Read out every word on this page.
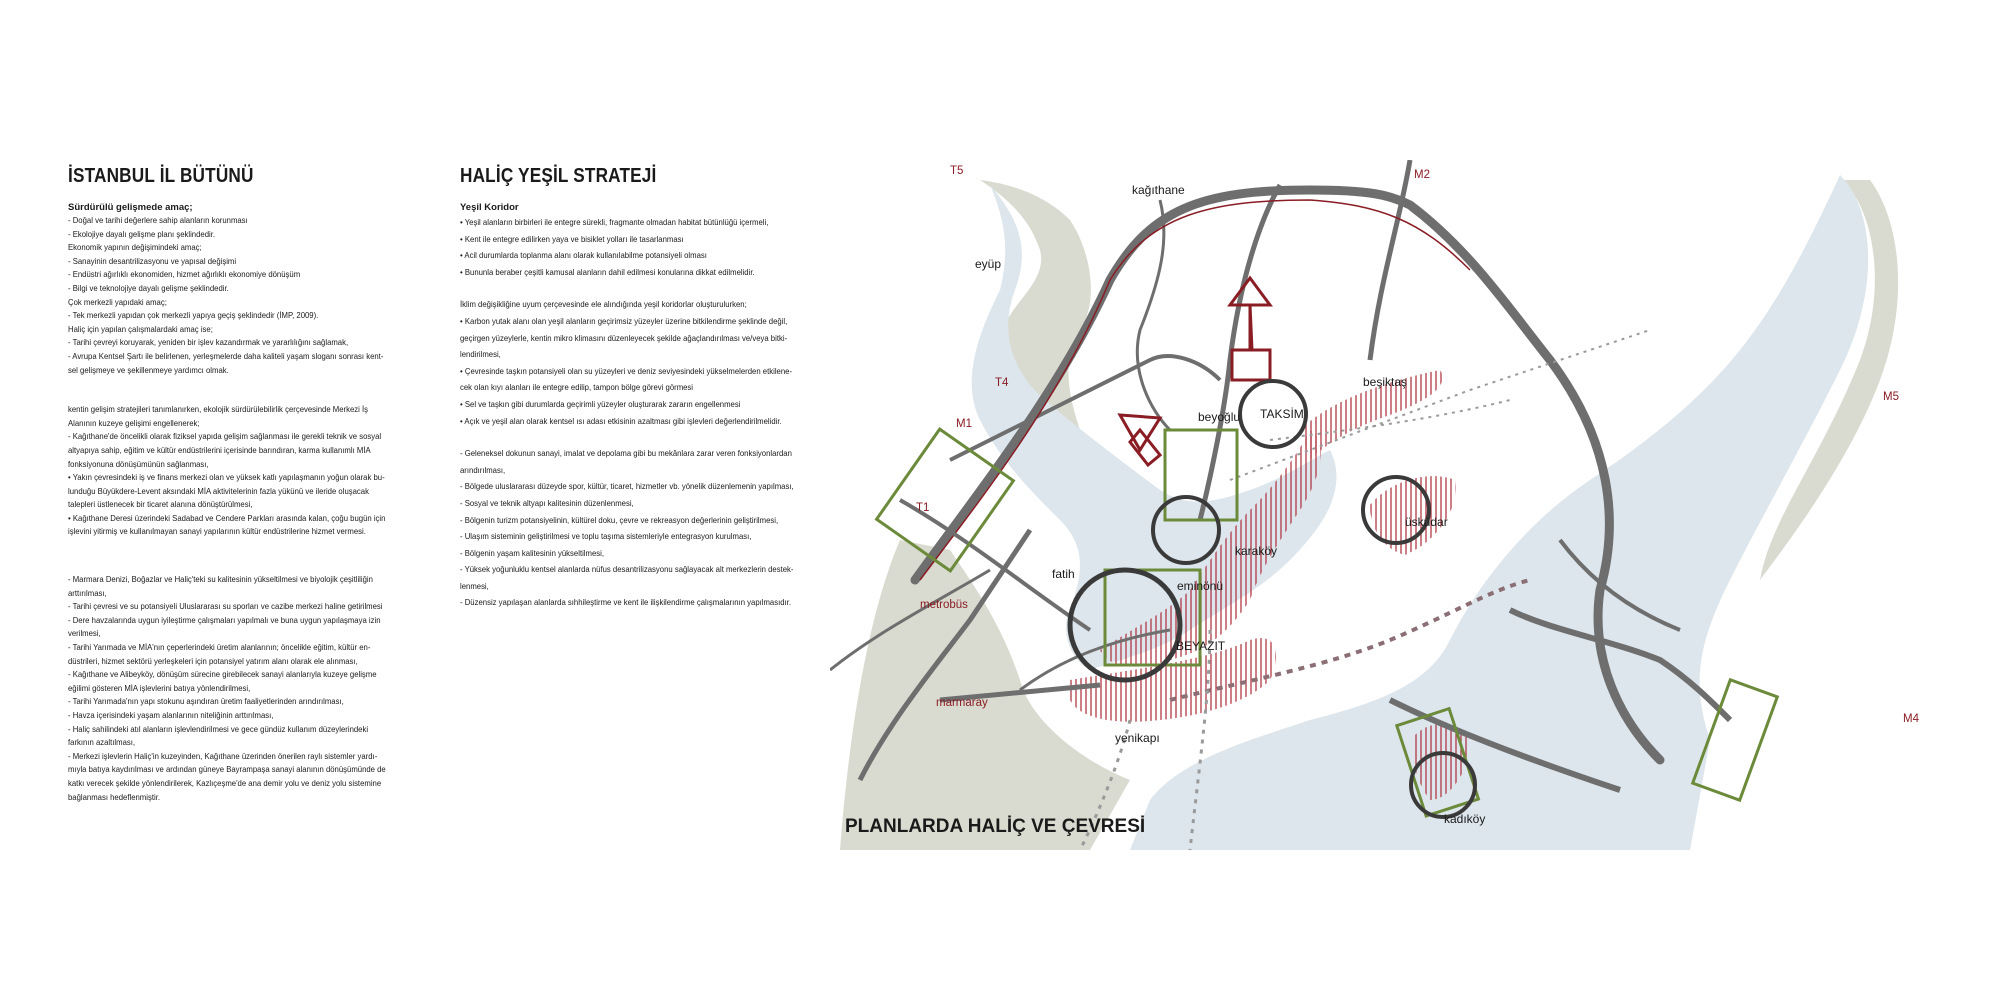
İSTANBUL İL BÜTÜNÜ
Sürdürülü gelişmede amaç;
- Doğal ve tarihi değerlere sahip alanların korunması
- Ekolojiye dayalı gelişme planı şeklindedir.
Ekonomik yapının değişimindeki amaç;
- Sanayinin desantrilizasyonu ve yapısal değişimi
- Endüstri ağırlıklı ekonomiden, hizmet ağırlıklı ekonomiye dönüşüm
- Bilgi ve teknolojiye dayalı gelişme şeklindedir.
Çok merkezli yapıdaki amaç;
- Tek merkezli yapıdan çok merkezli yapıya geçiş şeklindedir (İMP, 2009).
Haliç için yapılan çalışmalardaki amaç ise;
- Tarihi çevreyi koruyarak, yeniden bir işlev kazandırmak ve yararlılığını sağlamak,
- Avrupa Kentsel Şartı ile belirlenen, yerleşmelerde daha kaliteli yaşam sloganı sonrası kent-
sel gelişmeye ve şekillenmeye yardımcı olmak.
kentin gelişim stratejileri tanımlanırken, ekolojik sürdürülebilirlik çerçevesinde Merkezi İş
Alanının kuzeye gelişimi engellenerek;
- Kağıthane'de öncelikli olarak fiziksel yapıda gelişim sağlanması ile gerekli teknik ve sosyal
altyapıya sahip, eğitim ve kültür endüstrilerini içerisinde barındıran, karma kullanımlı MİA
fonksiyonuna dönüşümünün sağlanması,
• Yakın çevresindeki iş ve finans merkezi olan ve yüksek katlı yapılaşmanın yoğun olarak bu-
lunduğu Büyükdere-Levent aksındaki MİA aktivitelerinin fazla yükünü ve ileride oluşacak
talepleri üstlenecek bir ticaret alanına dönüştürülmesi,
• Kağıthane Deresi üzerindeki Sadabad ve Cendere Parkları arasında kalan, çoğu bugün için
işlevini yitirmiş ve kullanılmayan sanayi yapılarının kültür endüstrilerine hizmet vermesi.
- Marmara Denizi, Boğazlar ve Haliç'teki su kalitesinin yükseltilmesi ve biyolojik çeşitliliğin
arttırılması,
- Tarihi çevresi ve su potansiyeli Uluslararası su sporları ve cazibe merkezi haline getirilmesi
- Dere havzalarında uygun iyileştirme çalışmaları yapılmalı ve buna uygun yapılaşmaya izin
verilmesi,
- Tarihi Yarımada ve MİA'nın çeperlerindeki üretim alanlarının; öncelikle eğitim, kültür en-
düstrileri, hizmet sektörü yerleşkeleri için potansiyel yatırım alanı olarak ele alınması,
- Kağıthane ve Alibeyköy, dönüşüm sürecine girebilecek sanayi alanlarıyla kuzeye gelişme
eğilimi gösteren MİA işlevlerini batıya yönlendirilmesi,
- Tarihi Yarımada'nın yapı stokunu aşındıran üretim faaliyetlerinden arındırılması,
- Havza içerisindeki yaşam alanlarının niteliğinin arttırılması,
- Haliç sahilindeki atıl alanların işlevlendirilmesi ve gece gündüz kullanım düzeylerindeki
farkının azaltılması,
- Merkezi işlevlerin Haliç'in kuzeyinden, Kağıthane üzerinden önerilen raylı sistemler yardı-
mıyla batıya kaydırılması ve ardından güneye Bayrampaşa sanayi alanının dönüşümünde de
katkı verecek şekilde yönlendirilerek, Kazlıçeşme'de ana demir yolu ve deniz yolu sistemine
bağlanması hedeflenmiştir.
HALİÇ YEŞİL STRATEJİ
Yeşil Koridor
• Yeşil alanların birbirleri ile entegre sürekli, fragmante olmadan habitat bütünlüğü içermeli,
• Kent ile entegre edilirken yaya ve bisiklet yolları ile tasarlanması
• Acil durumlarda toplanma alanı olarak kullanılabilme potansiyeli olması
• Bununla beraber çeşitli kamusal alanların dahil edilmesi konularına dikkat edilmelidir.
İklim değişikliğine uyum çerçevesinde ele alındığında yeşil koridorlar oluşturulurken;
• Karbon yutak alanı olan yeşil alanların geçirimsiz yüzeyler üzerine bitkilendirme şeklinde değil,
geçirgen yüzeylerle, kentin mikro klimasını düzenleyecek şekilde ağaçlandırılması ve/veya bitki-
lendirilmesi,
• Çevresinde taşkın potansiyeli olan su yüzeyleri ve deniz seviyesindeki yükselmelerden etkilene-
cek olan kıyı alanları ile entegre edilip, tampon bölge görevi görmesi
• Sel ve taşkın gibi durumlarda geçirimli yüzeyler oluşturarak zararın engellenmesi
• Açık ve yeşil alan olarak kentsel ısı adası etkisinin azaltması gibi işlevleri değerlendirilmelidir.
- Geleneksel dokunun sanayi, imalat ve depolama gibi bu mekânlara zarar veren fonksiyonlardan
arındırılması,
- Bölgede uluslararası düzeyde spor, kültür, ticaret, hizmetler vb. yönelik düzenlemenin yapılması,
- Sosyal ve teknik altyapı kalitesinin düzenlenmesi,
- Bölgenin turizm potansiyelinin, kültürel doku, çevre ve rekreasyon değerlerinin geliştirilmesi,
- Ulaşım sisteminin geliştirilmesi ve toplu taşıma sistemleriyle entegrasyon kurulması,
- Bölgenin yaşam kalitesinin yükseltilmesi,
- Yüksek yoğunluklu kentsel alanlarda nüfus desantrilizasyonu sağlayacak alt merkezlerin destek-
lenmesi,
- Düzensiz yapılaşan alanlarda sıhhileştirme ve kent ile ilişkilendirme çalışmalarının yapılmasıdır.
kağıthane
eyüp
beyoğlu TAKSİM
beşiktaş
karaköy
eminönü
BEYAZIT
fatih
yenikapı
üsküdar
kadıköy
T5	M2
T4
M1
T1
M5
M4
metrobüs
marmaray
PLANLARDA HALİÇ VE ÇEVRESİ
